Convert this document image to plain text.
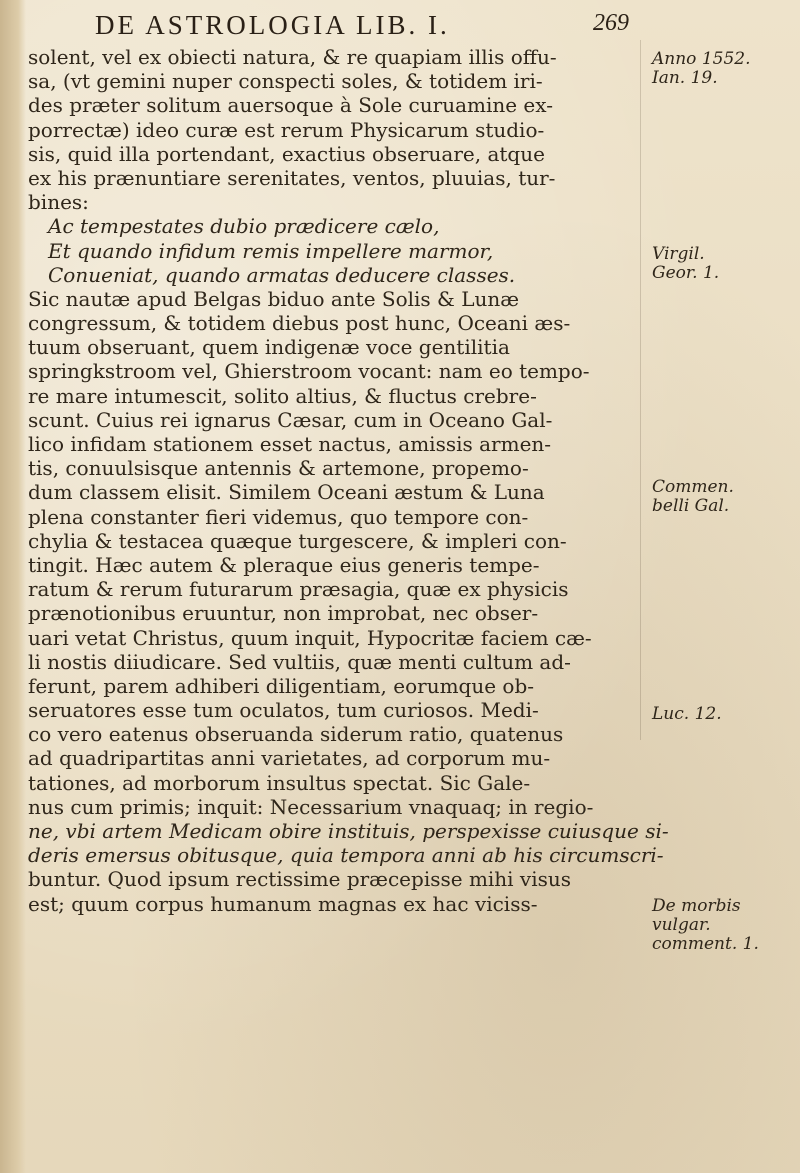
DE ASTROLOGIA LIB. I.	269
solent, vel ex obiecti natura, & re quapiam illis offu-
sa, (vt gemini nuper conspecti soles, & totidem iri-
des præter solitum auersoque à Sole curuamine ex-
porrectæ) ideo curæ est rerum Physicarum studio-
sis, quid illa portendant, exactius obseruare, atque
ex his prænuntiare serenitates, ventos, pluuias, tur-
bines:
Ac tempestates dubio prædicere cælo,
Et quando infidum remis impellere marmor,
Conueniat, quando armatas deducere classes.
Sic nautæ apud Belgas biduo ante Solis & Lunæ
congressum, & totidem diebus post hunc, Oceani æs-
tuum obseruant, quem indigenæ voce gentilitia
springkstroom vel, Ghierstroom vocant: nam eo tempo-
re mare intumescit, solito altius, & fluctus crebre-
scunt. Cuius rei ignarus Cæsar, cum in Oceano Gal-
lico infidam stationem esset nactus, amissis armen-
tis, conuulsisque antennis & artemone, propemo-
dum classem elisit. Similem Oceani æstum & Luna
plena constanter fieri videmus, quo tempore con-
chylia & testacea quæque turgescere, & impleri con-
tingit. Hæc autem & pleraque eius generis tempe-
ratum & rerum futurarum præsagia, quæ ex physicis
prænotionibus eruuntur, non improbat, nec obser-
uari vetat Christus, quum inquit, Hypocritæ faciem cæ-
li nostis diiudicare. Sed vultiis, quæ menti cultum ad-
ferunt, parem adhiberi diligentiam, eorumque ob-
seruatores esse tum oculatos, tum curiosos. Medi-
co vero eatenus obseruanda siderum ratio, quatenus
ad quadripartitas anni varietates, ad corporum mu-
tationes, ad morborum insultus spectat. Sic Gale-
nus cum primis; inquit: Necessarium vnaquaq; in regio-
ne, vbi artem Medicam obire instituis, perspexisse cuiusque si-
deris emersus obitusque, quia tempora anni ab his circumscri-
buntur. Quod ipsum rectissime præcepisse mihi visus
est; quum corpus humanum magnas ex hac viciss-
Anno 1552.
Ian. 19.
Virgil.
Geor. 1.
Commen.
belli Gal.
Luc. 12.
De morbis
vulgar.
comment. 1.
